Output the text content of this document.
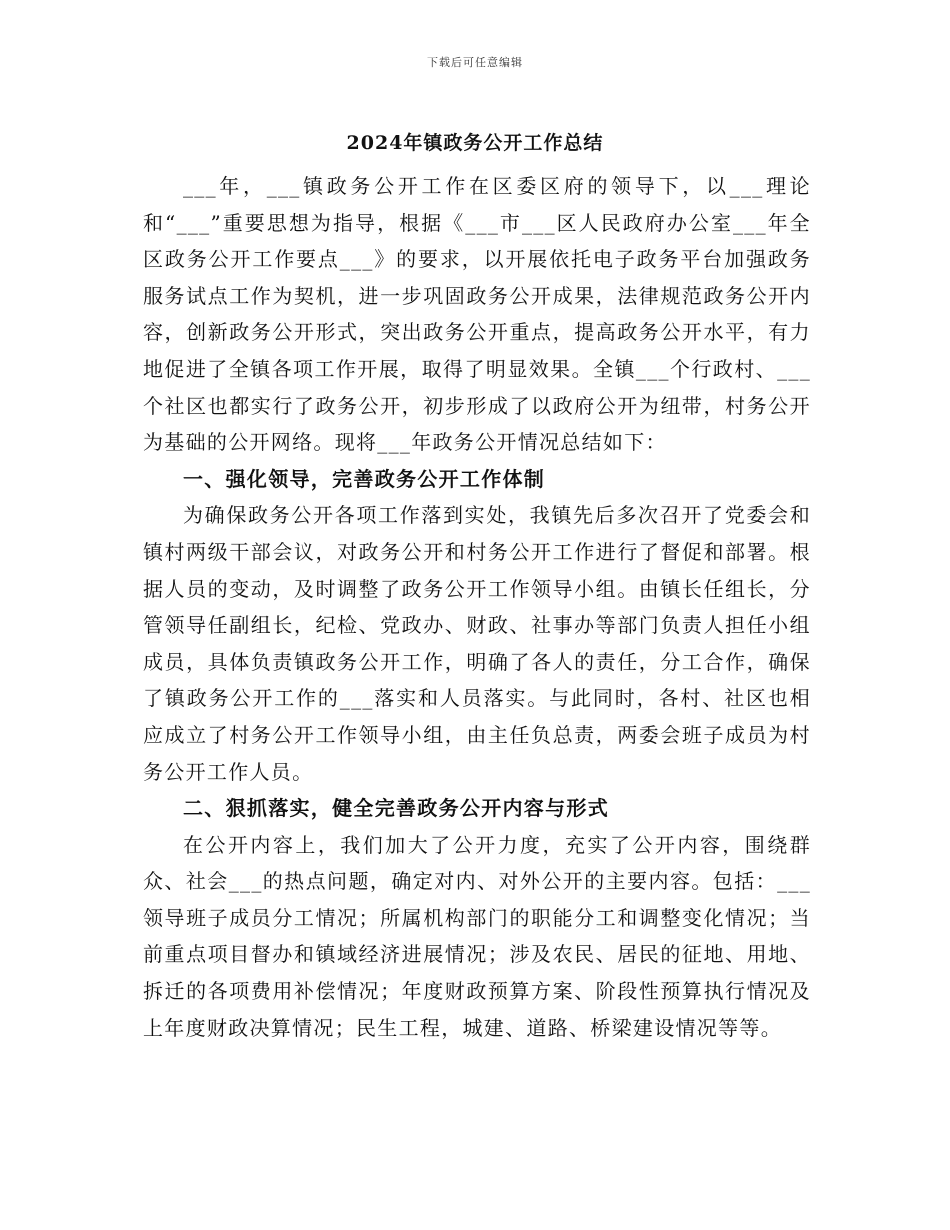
下载后可任意编辑
2024年镇政务公开工作总结

___年，___镇政务公开工作在区委区府的领导下，以___理论和“___”重要思想为指导，根据《___市___区人民政府办公室___年全区政务公开工作要点___》的要求，以开展依托电子政务平台加强政务服务试点工作为契机，进一步巩固政务公开成果，法律规范政务公开内容，创新政务公开形式，突出政务公开重点，提高政务公开水平，有力地促进了全镇各项工作开展，取得了明显效果。全镇___个行政村、___个社区也都实行了政务公开，初步形成了以政府公开为纽带，村务公开为基础的公开网络。现将___年政务公开情况总结如下：

一、强化领导，完善政务公开工作体制

为确保政务公开各项工作落到实处，我镇先后多次召开了党委会和镇村两级干部会议，对政务公开和村务公开工作进行了督促和部署。根据人员的变动，及时调整了政务公开工作领导小组。由镇长任组长，分管领导任副组长，纪检、党政办、财政、社事办等部门负责人担任小组成员，具体负责镇政务公开工作，明确了各人的责任，分工合作，确保了镇政务公开工作的___落实和人员落实。与此同时，各村、社区也相应成立了村务公开工作领导小组，由主任负总责，两委会班子成员为村务公开工作人员。

二、狠抓落实，健全完善政务公开内容与形式

在公开内容上，我们加大了公开力度，充实了公开内容，围绕群众、社会___的热点问题，确定对内、对外公开的主要内容。包括：___领导班子成员分工情况；所属机构部门的职能分工和调整变化情况；当前重点项目督办和镇域经济进展情况；涉及农民、居民的征地、用地、拆迁的各项费用补偿情况；年度财政预算方案、阶段性预算执行情况及上年度财政决算情况；民生工程，城建、道路、桥梁建设情况等等。
